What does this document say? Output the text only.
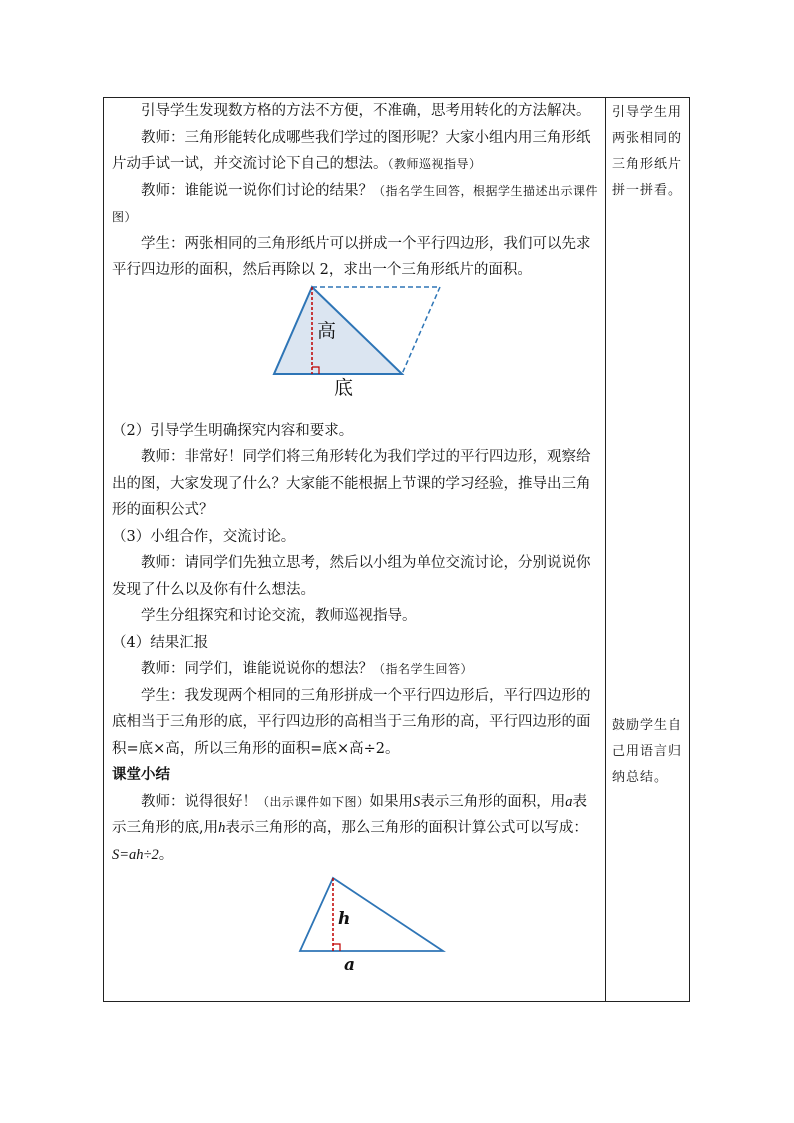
引导学生发现数方格的方法不方便，不准确，思考用转化的方法解决。

教师：三角形能转化成哪些我们学过的图形呢？大家小组内用三角形纸片动手试一试，并交流讨论下自己的想法。（教师巡视指导）

教师：谁能说一说你们讨论的结果？（指名学生回答，根据学生描述出示课件图）

学生：两张相同的三角形纸片可以拼成一个平行四边形，我们可以先求平行四边形的面积，然后再除以 2，求出一个三角形纸片的面积。

高
底

（2）引导学生明确探究内容和要求。

教师：非常好！同学们将三角形转化为我们学过的平行四边形，观察给出的图，大家发现了什么？大家能不能根据上节课的学习经验，推导出三角形的面积公式？

（3）小组合作，交流讨论。

教师：请同学们先独立思考，然后以小组为单位交流讨论，分别说说你发现了什么以及你有什么想法。

学生分组探究和讨论交流，教师巡视指导。

（4）结果汇报

教师：同学们，谁能说说你的想法？（指名学生回答）

学生：我发现两个相同的三角形拼成一个平行四边形后，平行四边形的底相当于三角形的底，平行四边形的高相当于三角形的高，平行四边形的面积=底×高，所以三角形的面积=底×高÷2。

课堂小结

教师：说得很好！（出示课件如下图）如果用S表示三角形的面积，用a表示三角形的底,用h表示三角形的高，那么三角形的面积计算公式可以写成：S=ah÷2。

h
a
引导学生用两张相同的三角形纸片拼一拼看。
鼓励学生自己用语言归纳总结。
